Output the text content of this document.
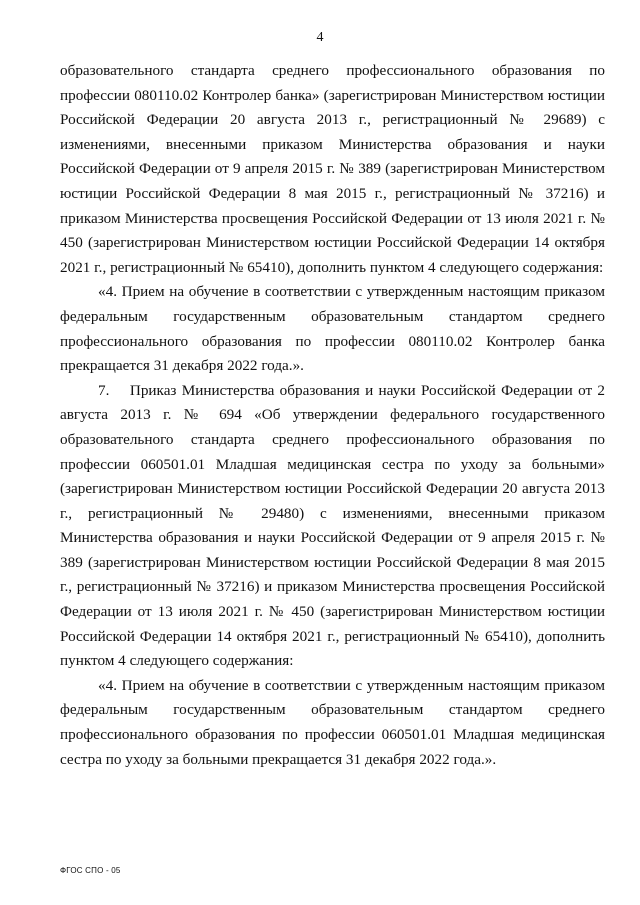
4

образовательного стандарта среднего профессионального образования по профессии 080110.02 Контролер банка» (зарегистрирован Министерством юстиции Российской Федерации 20 августа 2013 г., регистрационный № 29689) с изменениями, внесенными приказом Министерства образования и науки Российской Федерации от 9 апреля 2015 г. № 389 (зарегистрирован Министерством юстиции Российской Федерации 8 мая 2015 г., регистрационный № 37216) и приказом Министерства просвещения Российской Федерации от 13 июля 2021 г. № 450 (зарегистрирован Министерством юстиции Российской Федерации 14 октября 2021 г., регистрационный № 65410), дополнить пунктом 4 следующего содержания:

«4. Прием на обучение в соответствии с утвержденным настоящим приказом федеральным государственным образовательным стандартом среднего профессионального образования по профессии 080110.02 Контролер банка прекращается 31 декабря 2022 года.».

7.  Приказ Министерства образования и науки Российской Федерации от 2 августа 2013 г. № 694 «Об утверждении федерального государственного образовательного стандарта среднего профессионального образования по профессии 060501.01 Младшая медицинская сестра по уходу за больными» (зарегистрирован Министерством юстиции Российской Федерации 20 августа 2013 г., регистрационный № 29480) с изменениями, внесенными приказом Министерства образования и науки Российской Федерации от 9 апреля 2015 г. № 389 (зарегистрирован Министерством юстиции Российской Федерации 8 мая 2015 г., регистрационный № 37216) и приказом Министерства просвещения Российской Федерации от 13 июля 2021 г. № 450 (зарегистрирован Министерством юстиции Российской Федерации 14 октября 2021 г., регистрационный № 65410), дополнить пунктом 4 следующего содержания:

«4. Прием на обучение в соответствии с утвержденным настоящим приказом федеральным государственным образовательным стандартом среднего профессионального образования по профессии 060501.01 Младшая медицинская сестра по уходу за больными прекращается 31 декабря 2022 года.».

ФГОС СПО - 05
